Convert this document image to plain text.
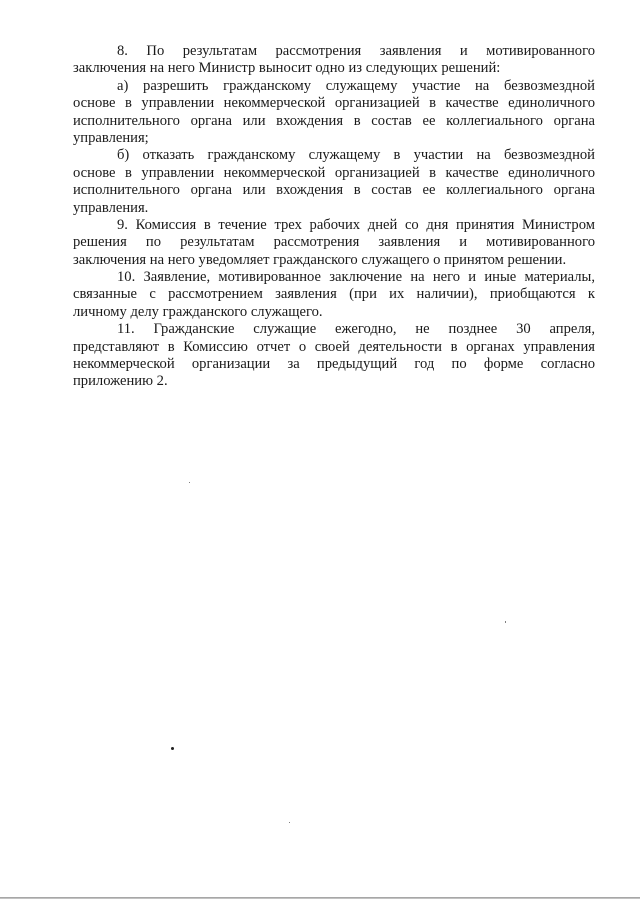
8. По результатам рассмотрения заявления и мотивированного
заключения на него Министр выносит одно из следующих решений:

а) разрешить гражданскому служащему участие на безвозмездной
основе в управлении некоммерческой организацией в качестве единоличного
исполнительного органа или вхождения в состав ее коллегиального органа
управления;

б) отказать гражданскому служащему в участии на безвозмездной
основе в управлении некоммерческой организацией в качестве единоличного
исполнительного органа или вхождения в состав ее коллегиального органа
управления.

9. Комиссия в течение трех рабочих дней со дня принятия Министром
решения по результатам рассмотрения заявления и мотивированного
заключения на него уведомляет гражданского служащего о принятом решении.

10. Заявление, мотивированное заключение на него и иные материалы,
связанные с рассмотрением заявления (при их наличии), приобщаются к
личному делу гражданского служащего.

11. Гражданские служащие ежегодно, не позднее 30 апреля,
представляют в Комиссию отчет о своей деятельности в органах управления
некоммерческой организации за предыдущий год по форме согласно
приложению 2.
